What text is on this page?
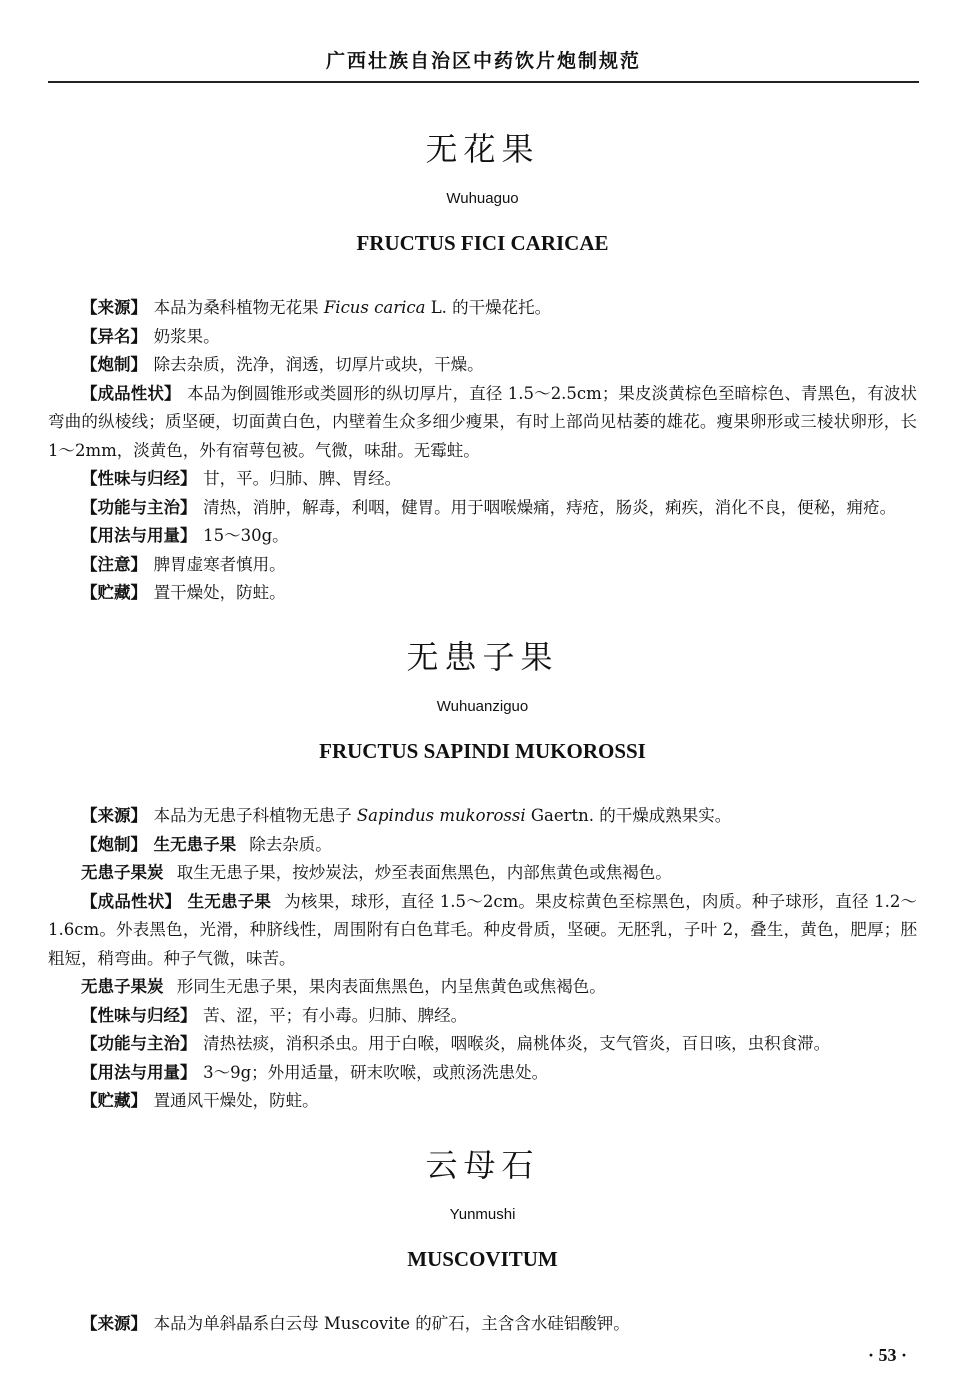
广西壮族自治区中药饮片炮制规范
无花果
Wuhuaguo
FRUCTUS FICI CARICAE

【来源】 本品为桑科植物无花果 Ficus carica L. 的干燥花托。

【异名】 奶浆果。

【炮制】 除去杂质，洗净，润透，切厚片或块，干燥。

【成品性状】 本品为倒圆锥形或类圆形的纵切厚片，直径 1.5～2.5cm；果皮淡黄棕色至暗棕色、青黑色，有波状弯曲的纵棱线；质坚硬，切面黄白色，内壁着生众多细少瘦果，有时上部尚见枯萎的雄花。瘦果卵形或三棱状卵形，长 1～2mm，淡黄色，外有宿萼包被。气微，味甜。无霉蛀。

【性味与归经】 甘，平。归肺、脾、胃经。

【功能与主治】 清热，消肿，解毒，利咽，健胃。用于咽喉燥痛，痔疮，肠炎，痢疾，消化不良，便秘，痈疮。

【用法与用量】 15～30g。

【注意】 脾胃虚寒者慎用。

【贮藏】 置干燥处，防蛀。

无患子果
Wuhuanziguo
FRUCTUS SAPINDI MUKOROSSI

【来源】 本品为无患子科植物无患子 Sapindus mukorossi Gaertn. 的干燥成熟果实。

【炮制】 生无患子果 除去杂质。

无患子果炭 取生无患子果，按炒炭法，炒至表面焦黑色，内部焦黄色或焦褐色。

【成品性状】 生无患子果 为核果，球形，直径 1.5～2cm。果皮棕黄色至棕黑色，肉质。种子球形，直径 1.2～1.6cm。外表黑色，光滑，种脐线性，周围附有白色茸毛。种皮骨质，坚硬。无胚乳，子叶 2，叠生，黄色，肥厚；胚粗短，稍弯曲。种子气微，味苦。

无患子果炭 形同生无患子果，果肉表面焦黑色，内呈焦黄色或焦褐色。

【性味与归经】 苦、涩，平；有小毒。归肺、脾经。

【功能与主治】 清热祛痰，消积杀虫。用于白喉，咽喉炎，扁桃体炎，支气管炎，百日咳，虫积食滞。

【用法与用量】 3～9g；外用适量，研末吹喉，或煎汤洗患处。

【贮藏】 置通风干燥处，防蛀。

云母石
Yunmushi
MUSCOVITUM

【来源】 本品为单斜晶系白云母 Muscovite 的矿石，主含含水硅铝酸钾。

· 53 ·
